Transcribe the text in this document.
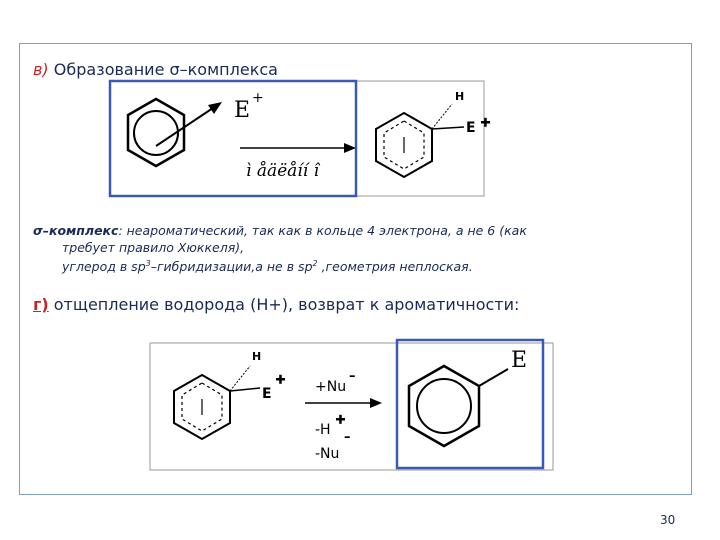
в) Образование σ–комплекса
E +
ì åäëåíí î
H
E
H
E	+Nu
–
-H –
-Nu
E
σ–комплекс: неароматический, так как в кольце 4 электрона, а не 6 (как
требует правило Хюккеля),
углерод в $sp^3-гибридизации,а$ не в $sp^2$ ,геометрия неплоская.
г) отщепление водорода (Н+), возврат к ароматичности:
30
